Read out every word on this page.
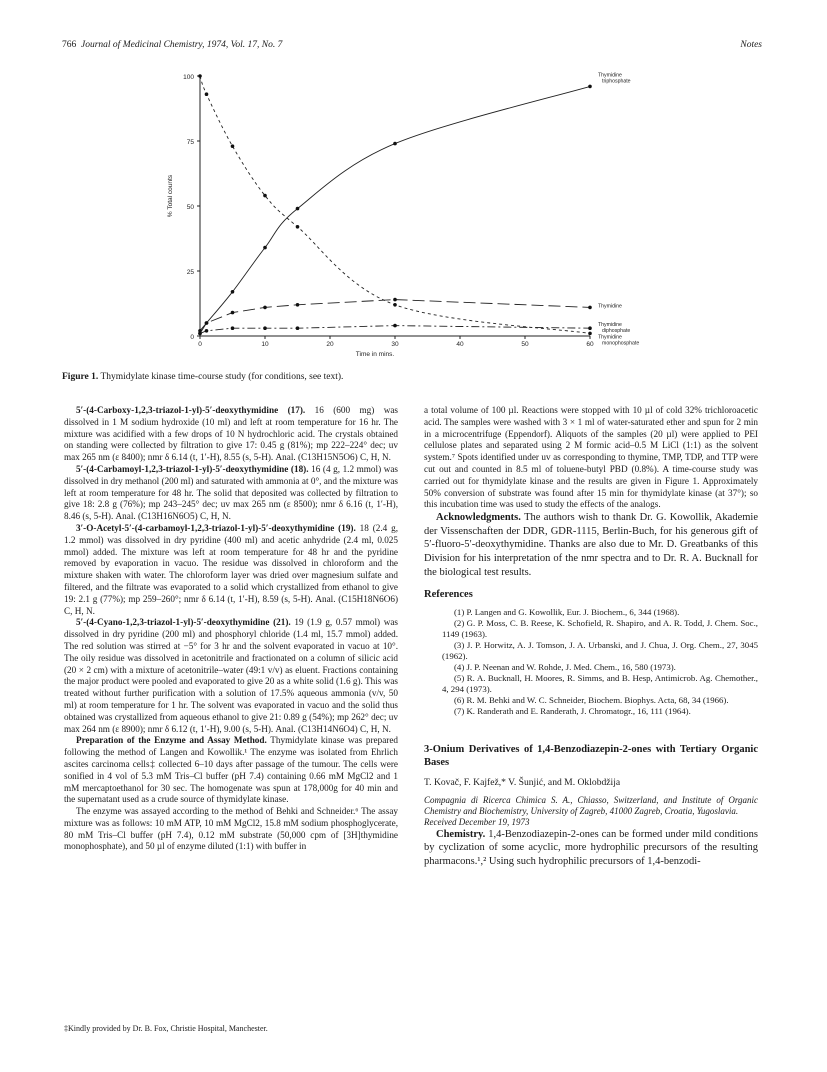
766 Journal of Medicinal Chemistry, 1974, Vol. 17, No. 7	Notes
0
25
50
75
100
0	10	20	30	40	50	60
Time in mins.
% Total counts
Thymidine
triphosphate
Thymidine
Thymidine
diphosphate
Thymidine
monophosphate
Figure 1. Thymidylate kinase time-course study (for conditions, see text).

5′-(4-Carboxy-1,2,3-triazol-1-yl)-5′-deoxythymidine (17). 16 (600 mg) was dissolved in 1 M sodium hydroxide (10 ml) and left at room temperature for 16 hr. The mixture was acidified with a few drops of 10 N hydrochloric acid. The crystals obtained on standing were collected by filtration to give 17: 0.45 g (81%); mp 222–224° dec; uv max 265 nm (ε 8400); nmr δ 6.14 (t, 1′-H), 8.55 (s, 5-H). Anal. (C13H15N5O6) C, H, N.

5′-(4-Carbamoyl-1,2,3-triazol-1-yl)-5′-deoxythymidine (18). 16 (4 g, 1.2 mmol) was dissolved in dry methanol (200 ml) and saturated with ammonia at 0°, and the mixture was left at room temperature for 48 hr. The solid that deposited was collected by filtration to give 18: 2.8 g (76%); mp 243–245° dec; uv max 265 nm (ε 8500); nmr δ 6.16 (t, 1′-H), 8.46 (s, 5-H). Anal. (C13H16N6O5) C, H, N.

3′-O-Acetyl-5′-(4-carbamoyl-1,2,3-triazol-1-yl)-5′-deoxythymidine (19). 18 (2.4 g, 1.2 mmol) was dissolved in dry pyridine (400 ml) and acetic anhydride (2.4 ml, 0.025 mmol) added. The mixture was left at room temperature for 48 hr and the pyridine removed by evaporation in vacuo. The residue was dissolved in chloroform and the mixture shaken with water. The chloroform layer was dried over magnesium sulfate and filtered, and the filtrate was evaporated to a solid which crystallized from ethanol to give 19: 2.1 g (77%); mp 259–260°; nmr δ 6.14 (t, 1′-H), 8.59 (s, 5-H). Anal. (C15H18N6O6) C, H, N.

5′-(4-Cyano-1,2,3-triazol-1-yl)-5′-deoxythymidine (21). 19 (1.9 g, 0.57 mmol) was dissolved in dry pyridine (200 ml) and phosphoryl chloride (1.4 ml, 15.7 mmol) added. The red solution was stirred at −5° for 3 hr and the solvent evaporated in vacuo at 10°. The oily residue was dissolved in acetonitrile and fractionated on a column of silicic acid (20 × 2 cm) with a mixture of acetonitrile–water (49:1 v/v) as eluent. Fractions containing the major product were pooled and evaporated to give 20 as a white solid (1.6 g). This was treated without further purification with a solution of 17.5% aqueous ammonia (v/v, 50 ml) at room temperature for 1 hr. The solvent was evaporated in vacuo and the solid thus obtained was crystallized from aqueous ethanol to give 21: 0.89 g (54%); mp 262° dec; uv max 264 nm (ε 8900); nmr δ 6.12 (t, 1′-H), 9.00 (s, 5-H). Anal. (C13H14N6O4) C, H, N.

Preparation of the Enzyme and Assay Method. Thymidylate kinase was prepared following the method of Langen and Kowollik.¹ The enzyme was isolated from Ehrlich ascites carcinoma cells‡ collected 6–10 days after passage of the tumour. The cells were sonified in 4 vol of 5.3 mM Tris–Cl buffer (pH 7.4) containing 0.66 mM MgCl2 and 1 mM mercaptoethanol for 30 sec. The homogenate was spun at 178,000g for 40 min and the supernatant used as a crude source of thymidylate kinase.

The enzyme was assayed according to the method of Behki and Schneider.⁶ The assay mixture was as follows: 10 mM ATP, 10 mM MgCl2, 15.8 mM sodium phosphoglycerate, 80 mM Tris–Cl buffer (pH 7.4), 0.12 mM substrate (50,000 cpm of [3H]thymidine monophosphate), and 50 µl of enzyme diluted (1:1) with buffer in

a total volume of 100 µl. Reactions were stopped with 10 µl of cold 32% trichloroacetic acid. The samples were washed with 3 × 1 ml of water-saturated ether and spun for 2 min in a microcentrifuge (Eppendorf). Aliquots of the samples (20 µl) were applied to PEI cellulose plates and separated using 2 M formic acid–0.5 M LiCl (1:1) as the solvent system.⁷ Spots identified under uv as corresponding to thymine, TMP, TDP, and TTP were cut out and counted in 8.5 ml of toluene-butyl PBD (0.8%). A time-course study was carried out for thymidylate kinase and the results are given in Figure 1. Approximately 50% conversion of substrate was found after 15 min for thymidylate kinase (at 37°); so this incubation time was used to study the effects of the analogs.

Acknowledgments. The authors wish to thank Dr. G. Kowollik, Akademie der Vissenschaften der DDR, GDR-1115, Berlin-Buch, for his generous gift of 5′-fluoro-5′-deoxythymidine. Thanks are also due to Mr. D. Greatbanks of this Division for his interpretation of the nmr spectra and to Dr. R. A. Bucknall for the biological test results.

References

(1) P. Langen and G. Kowollik, Eur. J. Biochem., 6, 344 (1968).

(2) G. P. Moss, C. B. Reese, K. Schofield, R. Shapiro, and A. R. Todd, J. Chem. Soc., 1149 (1963).

(3) J. P. Horwitz, A. J. Tomson, J. A. Urbanski, and J. Chua, J. Org. Chem., 27, 3045 (1962).

(4) J. P. Neenan and W. Rohde, J. Med. Chem., 16, 580 (1973).

(5) R. A. Bucknall, H. Moores, R. Simms, and B. Hesp, Antimicrob. Ag. Chemother., 4, 294 (1973).

(6) R. M. Behki and W. C. Schneider, Biochem. Biophys. Acta, 68, 34 (1966).

(7) K. Randerath and E. Randerath, J. Chromatogr., 16, 111 (1964).

3-Onium Derivatives of 1,4-Benzodiazepin-2-ones with Tertiary Organic Bases
T. Kovač, F. Kajfež,* V. Šunjić, and M. Oklobdžija
Compagnia di Ricerca Chimica S. A., Chiasso, Switzerland, and Institute of Organic Chemistry and Biochemistry, University of Zagreb, 41000 Zagreb, Croatia, Yugoslavia.
Received December 19, 1973

Chemistry. 1,4-Benzodiazepin-2-ones can be formed under mild conditions by cyclization of some acyclic, more hydrophilic precursors of the resulting pharmacons.¹,² Using such hydrophilic precursors of 1,4-benzodi-

‡Kindly provided by Dr. B. Fox, Christie Hospital, Manchester.
